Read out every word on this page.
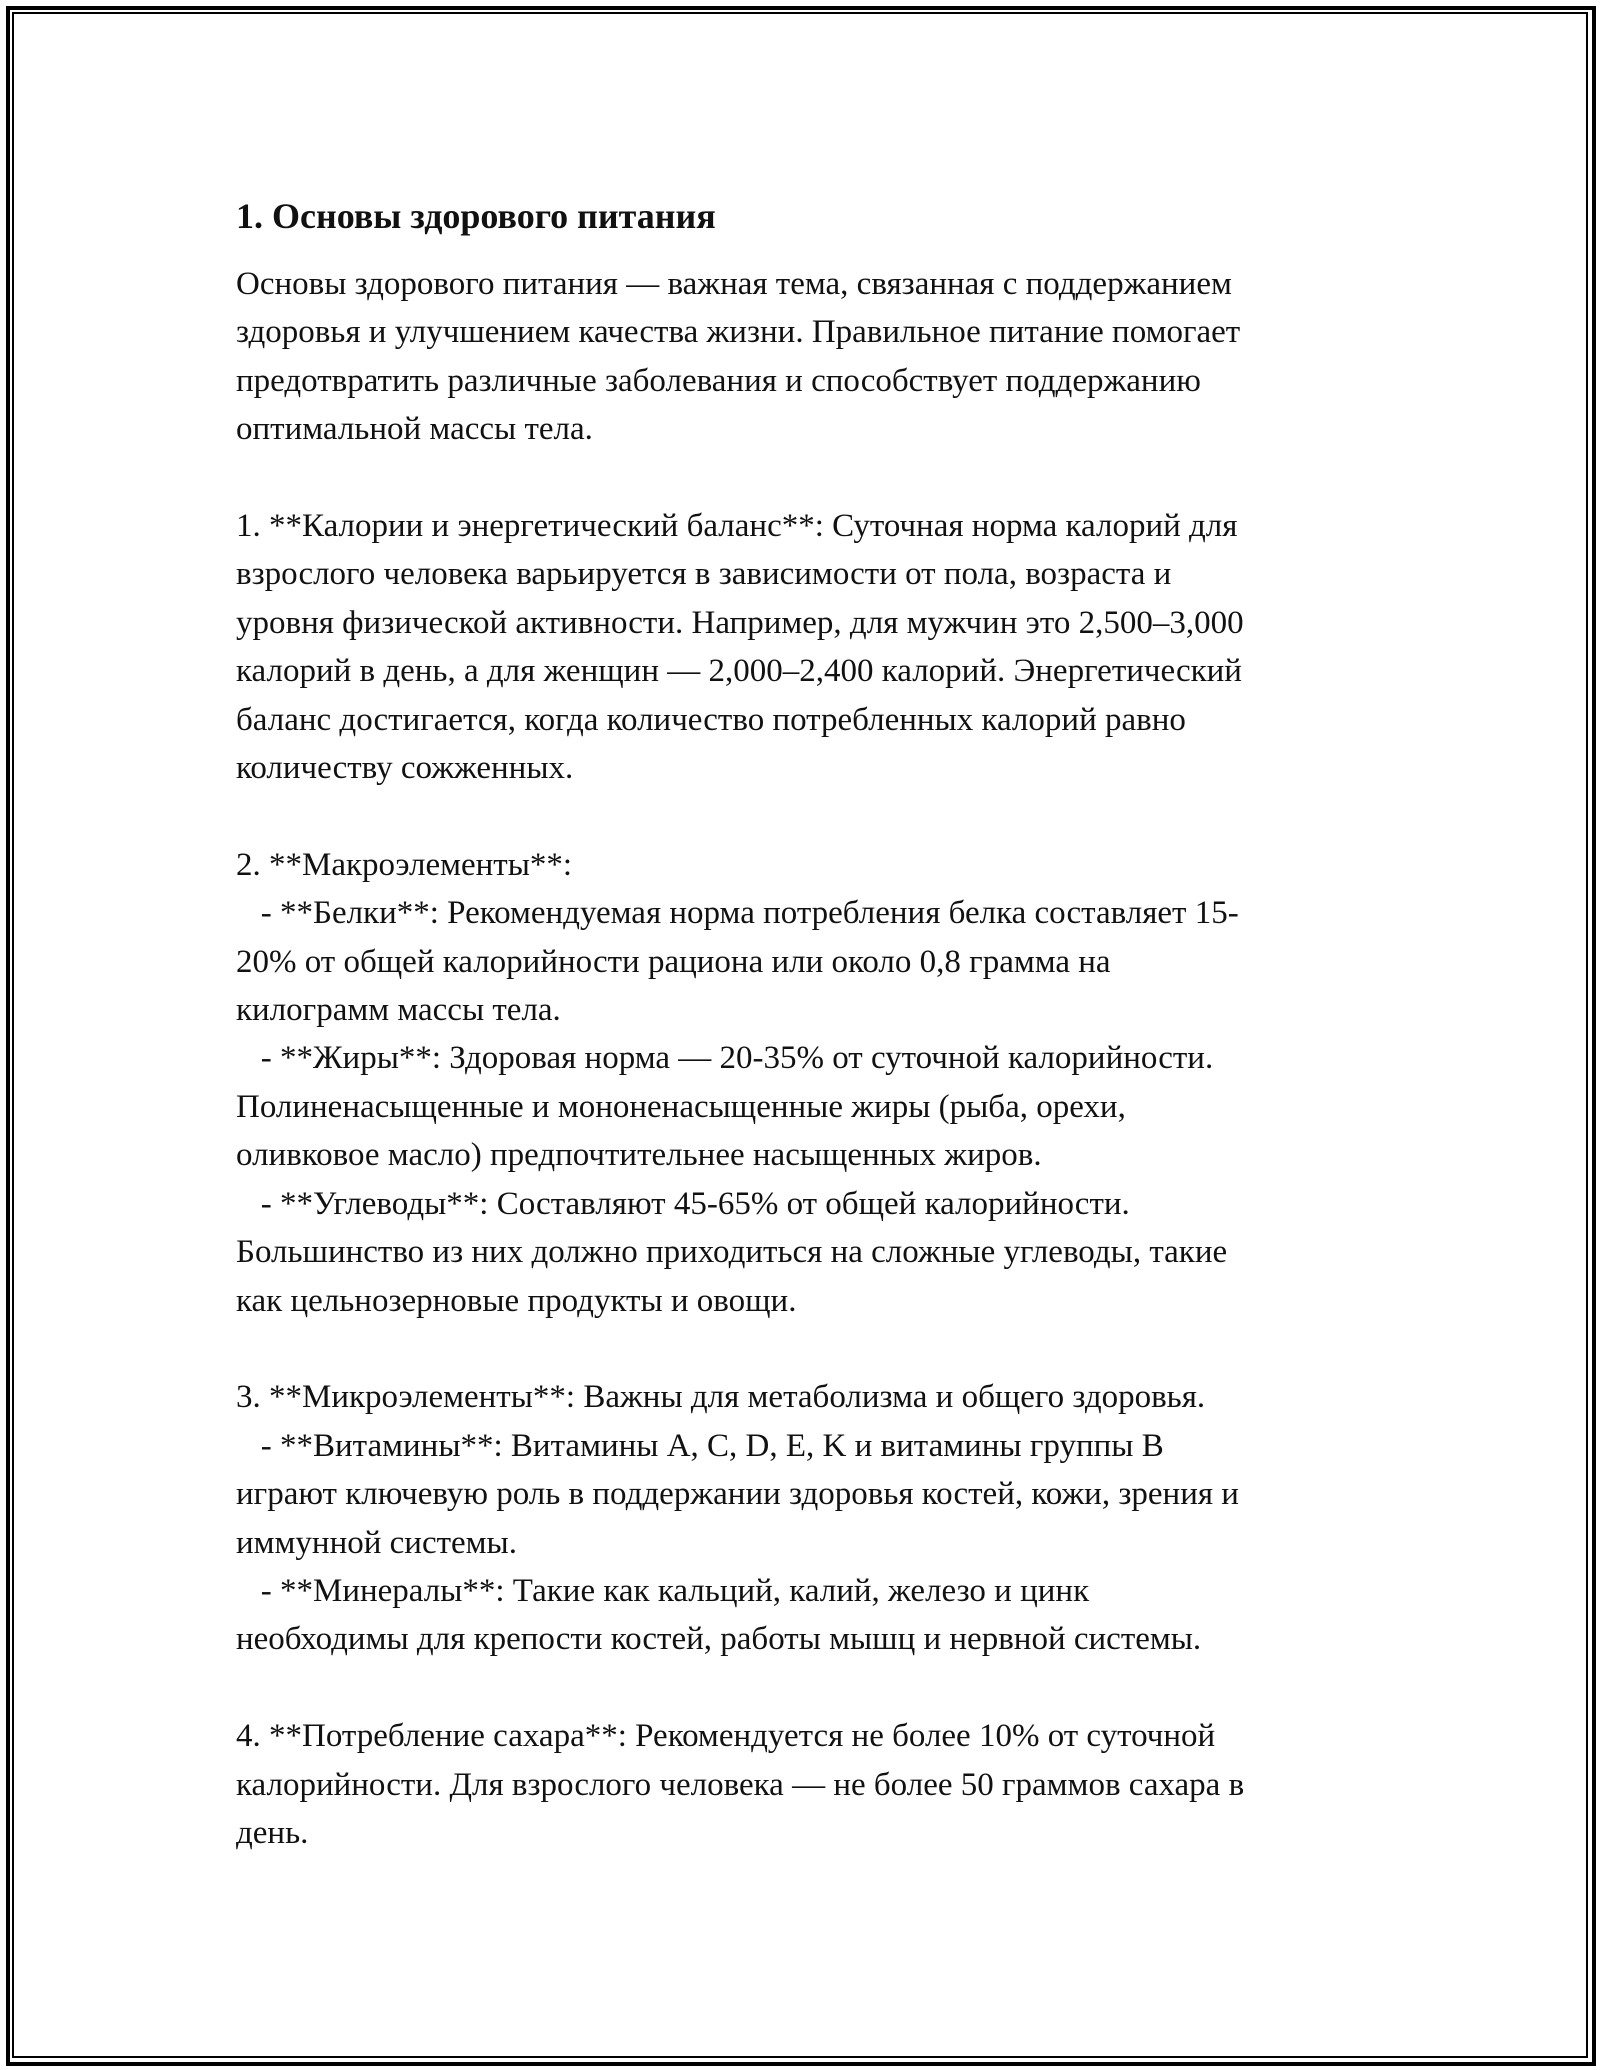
1. Основы здорового питания
Основы здорового питания — важная тема, связанная с поддержанием
здоровья и улучшением качества жизни. Правильное питание помогает
предотвратить различные заболевания и способствует поддержанию
оптимальной массы тела.
1. **Калории и энергетический баланс**: Суточная норма калорий для
взрослого человека варьируется в зависимости от пола, возраста и
уровня физической активности. Например, для мужчин это 2,500–3,000
калорий в день, а для женщин — 2,000–2,400 калорий. Энергетический
баланс достигается, когда количество потребленных калорий равно
количеству сожженных.
2. **Макроэлементы**:
- **Белки**: Рекомендуемая норма потребления белка составляет 15-
20% от общей калорийности рациона или около 0,8 грамма на
килограмм массы тела.
- **Жиры**: Здоровая норма — 20-35% от суточной калорийности.
Полиненасыщенные и мононенасыщенные жиры (рыба, орехи,
оливковое масло) предпочтительнее насыщенных жиров.
- **Углеводы**: Составляют 45-65% от общей калорийности.
Большинство из них должно приходиться на сложные углеводы, такие
как цельнозерновые продукты и овощи.
3. **Микроэлементы**: Важны для метаболизма и общего здоровья.
- **Витамины**: Витамины A, C, D, E, K и витамины группы B
играют ключевую роль в поддержании здоровья костей, кожи, зрения и
иммунной системы.
- **Минералы**: Такие как кальций, калий, железо и цинк
необходимы для крепости костей, работы мышц и нервной системы.
4. **Потребление сахара**: Рекомендуется не более 10% от суточной
калорийности. Для взрослого человека — не более 50 граммов сахара в
день.
